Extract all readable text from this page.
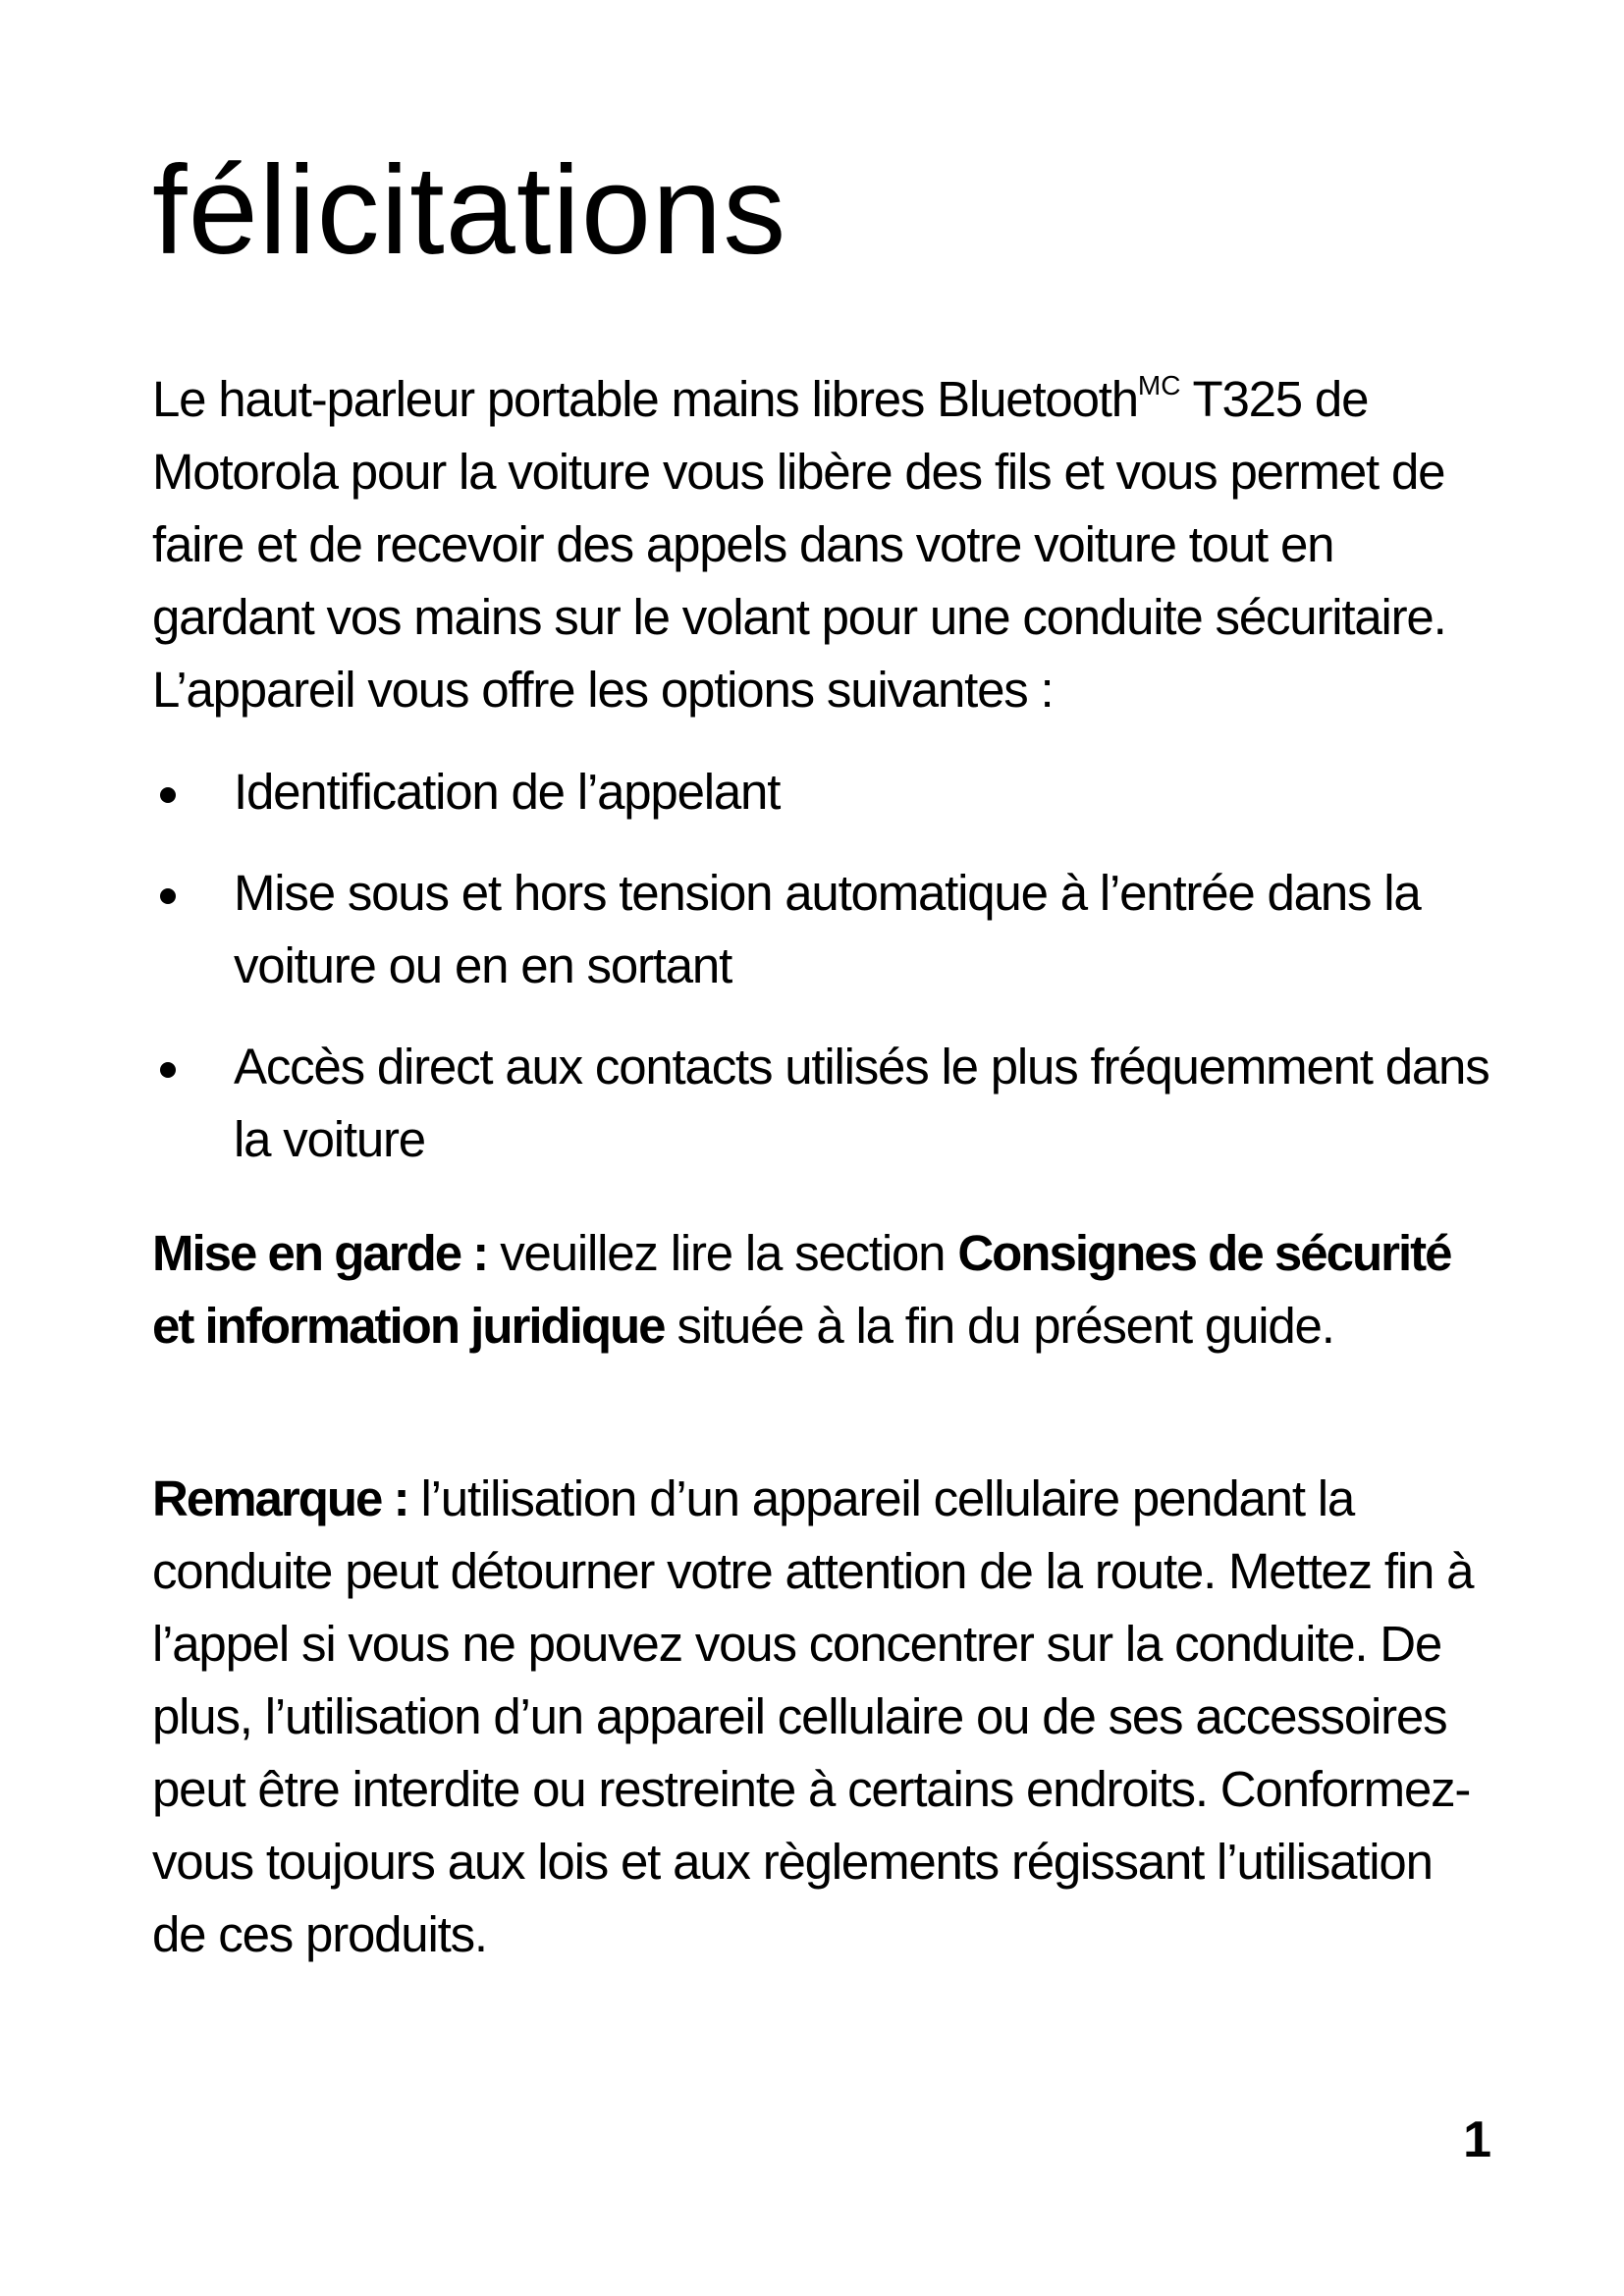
félicitations

Le haut-parleur portable mains libres Bluetooth$^{MC}$ T325 de Motorola pour la voiture vous libère des fils et vous permet de faire et de recevoir des appels dans votre voiture tout en gardant vos mains sur le volant pour une conduite sécuritaire. L’appareil vous offre les options suivantes :

Identification de l’appelant
Mise sous et hors tension automatique à l’entrée dans la voiture ou en en sortant
Accès direct aux contacts utilisés le plus fréquemment dans la voiture

Mise en garde : veuillez lire la section Consignes de sécurité et information juridique située à la fin du présent guide.

Remarque : l’utilisation d’un appareil cellulaire pendant la conduite peut détourner votre attention de la route. Mettez fin à l’appel si vous ne pouvez vous concentrer sur la conduite. De plus, l’utilisation d’un appareil cellulaire ou de ses accessoires peut être interdite ou restreinte à certains endroits. Conformez-vous toujours aux lois et aux règlements régissant l’utilisation de ces produits.

1
